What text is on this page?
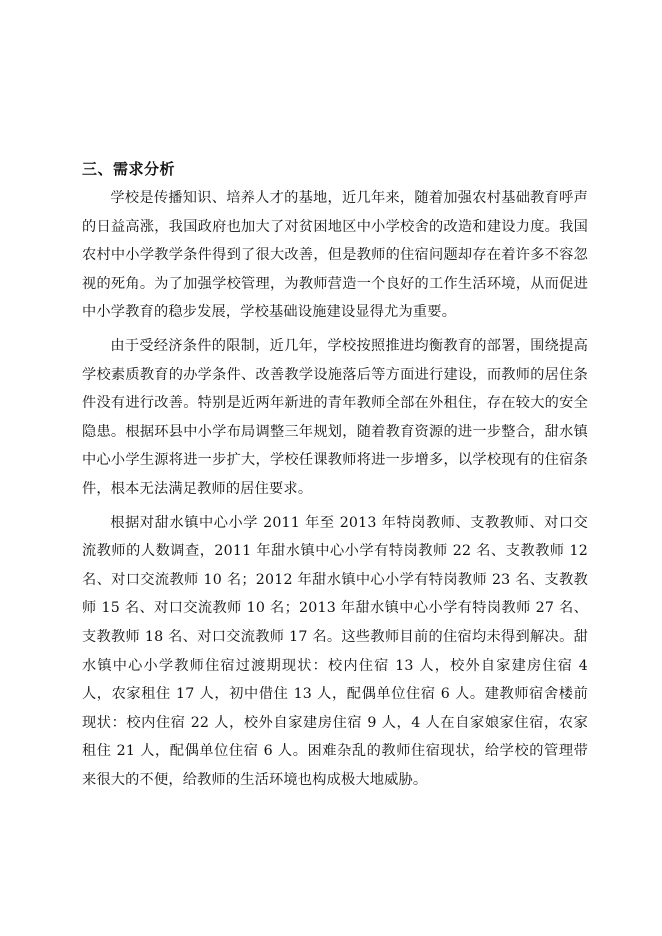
三、需求分析

学校是传播知识、培养人才的基地，近几年来，随着加强农村基础教育呼声的日益高涨，我国政府也加大了对贫困地区中小学校舍的改造和建设力度。我国农村中小学教学条件得到了很大改善，但是教师的住宿问题却存在着许多不容忽视的死角。为了加强学校管理，为教师营造一个良好的工作生活环境，从而促进中小学教育的稳步发展，学校基础设施建设显得尤为重要。

由于受经济条件的限制，近几年，学校按照推进均衡教育的部署，围绕提高学校素质教育的办学条件、改善教学设施落后等方面进行建设，而教师的居住条件没有进行改善。特别是近两年新进的青年教师全部在外租住，存在较大的安全隐患。根据环县中小学布局调整三年规划，随着教育资源的进一步整合，甜水镇中心小学生源将进一步扩大，学校任课教师将进一步增多，以学校现有的住宿条件，根本无法满足教师的居住要求。

根据对甜水镇中心小学 2011 年至 2013 年特岗教师、支教教师、对口交流教师的人数调查，2011 年甜水镇中心小学有特岗教师 22 名、支教教师 12 名、对口交流教师 10 名；2012 年甜水镇中心小学有特岗教师 23 名、支教教师 15 名、对口交流教师 10 名；2013 年甜水镇中心小学有特岗教师 27 名、支教教师 18 名、对口交流教师 17 名。这些教师目前的住宿均未得到解决。甜水镇中心小学教师住宿过渡期现状：校内住宿 13 人，校外自家建房住宿 4 人，农家租住 17 人，初中借住 13 人，配偶单位住宿 6 人。建教师宿舍楼前现状：校内住宿 22 人，校外自家建房住宿 9 人，4 人在自家娘家住宿，农家租住 21 人，配偶单位住宿 6 人。困难杂乱的教师住宿现状，给学校的管理带来很大的不便，给教师的生活环境也构成极大地威胁。
